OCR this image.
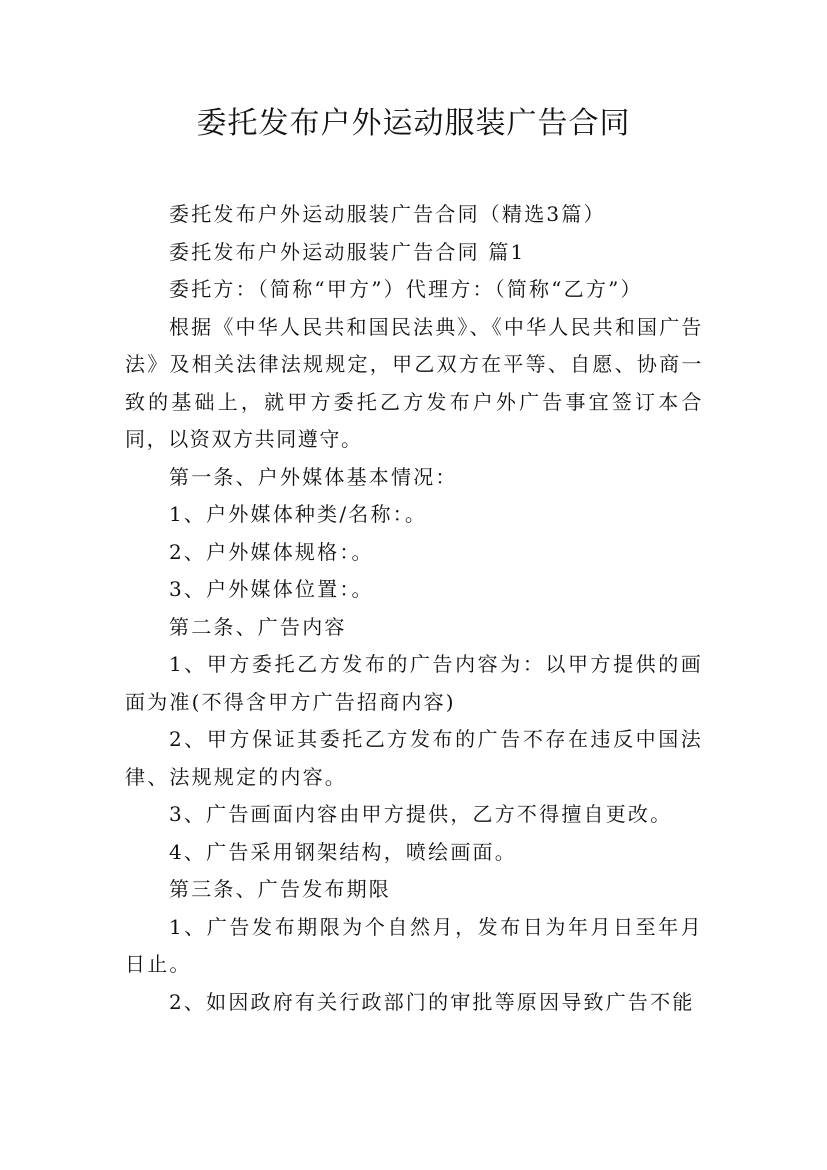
委托发布户外运动服装广告合同

委托发布户外运动服装广告合同（精选3篇）

委托发布户外运动服装广告合同 篇1

委托方：（简称“甲方”）代理方：（简称“乙方”）

根据《中华人民共和国民法典》、《中华人民共和国广告法》及相关法律法规规定，甲乙双方在平等、自愿、协商一致的基础上，就甲方委托乙方发布户外广告事宜签订本合同，以资双方共同遵守。

第一条、户外媒体基本情况：

1、户外媒体种类/名称：。

2、户外媒体规格：。

3、户外媒体位置：。

第二条、广告内容

1、甲方委托乙方发布的广告内容为：以甲方提供的画面为准(不得含甲方广告招商内容)

2、甲方保证其委托乙方发布的广告不存在违反中国法律、法规规定的内容。

3、广告画面内容由甲方提供，乙方不得擅自更改。

4、广告采用钢架结构，喷绘画面。

第三条、广告发布期限

1、广告发布期限为个自然月，发布日为年月日至年月日止。

2、如因政府有关行政部门的审批等原因导致广告不能
